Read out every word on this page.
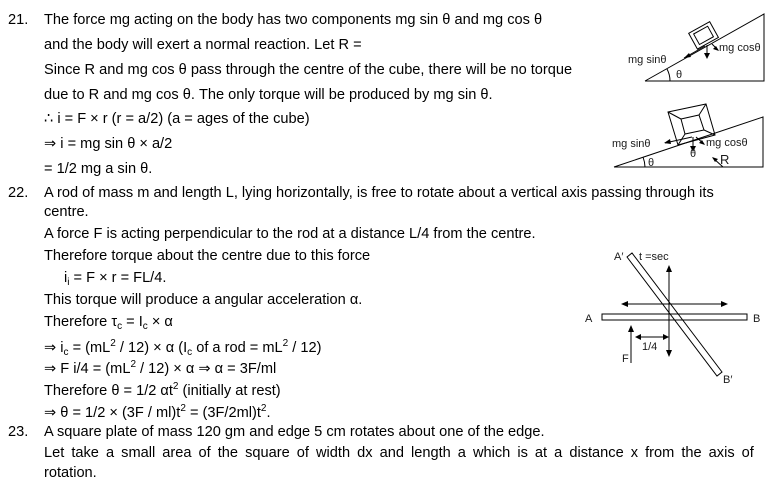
21. The force mg acting on the body has two components mg sin θ and mg cos θ
and the body will exert a normal reaction. Let R =
Since R and mg cos θ pass through the centre of the cube, there will be no torque
due to R and mg cos θ. The only torque will be produced by mg sin θ.
∴ i = F × r (r = a/2) (a = ages of the cube)
⇒ i = mg sin θ × a/2
= 1/2 mg a sin θ.
mg sinθ
mg cosθ
θ
mg sinθ	mg cosθ
θ
θ	R
22. A rod of mass m and length L, lying horizontally, is free to rotate about a vertical axis passing through its
centre.
A force F is acting perpendicular to the rod at a distance L/4 from the centre.
Therefore torque about the centre due to this force
$i_i = F \times r = FL/4$.
This torque will produce a angular acceleration α.
Therefore $\tau_c = I_c \times \alpha$
⇒ $i_c = (mL^2 / 12) \times \alpha$ ($I_c$ of a rod = $mL^2 / 12$)
⇒ F $i/4 = (mL^2 / 12) \times \alpha$ ⇒ α = 3F/ml
Therefore θ = 1/2 $\alpha t^2$ (initially at rest)
⇒ $\theta = 1/2 \times (3F / ml)t^2 = (3F/2ml)t^2$.
A′ t =sec
A	B
B′
F
1/4
23. A square plate of mass 120 gm and edge 5 cm rotates about one of the edge.
Let take a small area of the square of width dx and length a which is at a distance x from the axis of
rotation.
